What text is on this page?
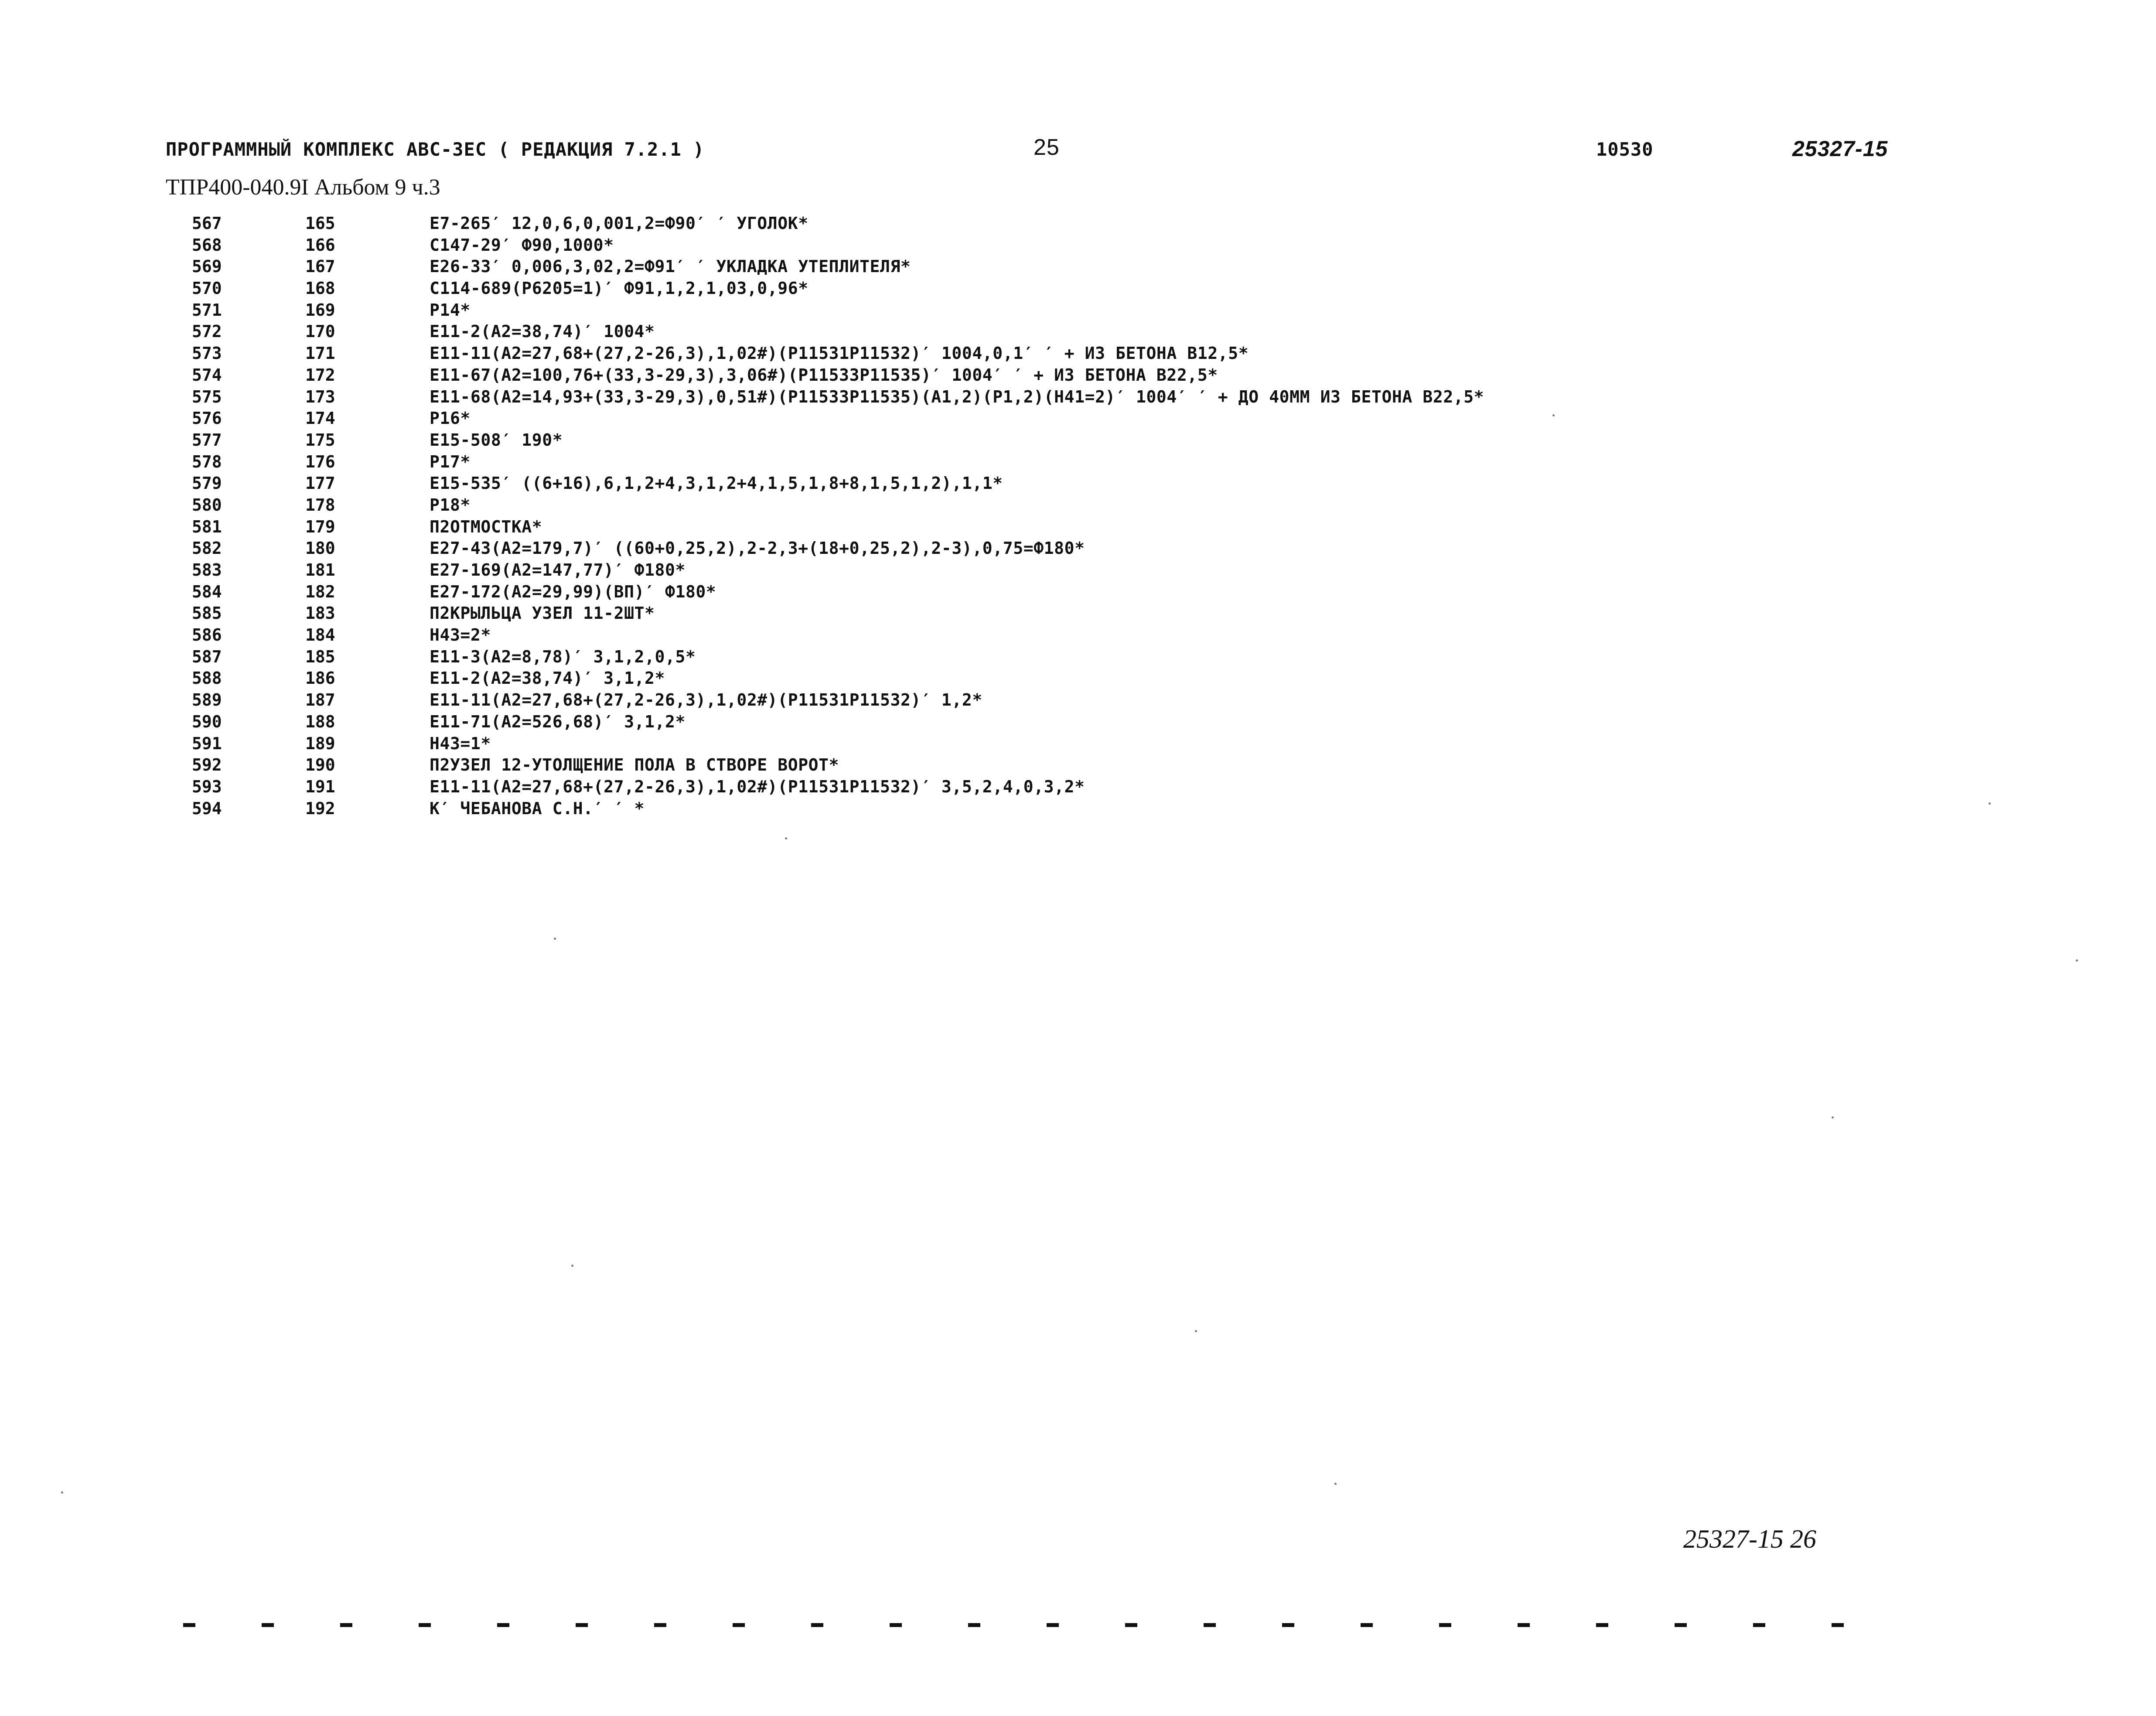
ПРОГРАММНЫЙ КОМПЛЕКС АВС-ЗЕС ( РЕДАКЦИЯ 7.2.1 )	25	10530	25327-15
ТПР400-040.9I Альбом 9 ч.3
567	165	Е7-265′ 12,0,6,0,001,2=Ф90′ ′ УГОЛОК*
568	166	С147-29′ Ф90,1000*
569	167	Е26-33′ 0,006,3,02,2=Ф91′ ′ УКЛАДКА УТЕПЛИТЕЛЯ*
570	168	С114-689(Р6205=1)′ Ф91,1,2,1,03,0,96*
571	169	Р14*
572	170	Е11-2(А2=38,74)′ 1004*
573	171	Е11-11(А2=27,68+(27,2-26,3),1,02#)(Р11531Р11532)′ 1004,0,1′ ′ + ИЗ БЕТОНА В12,5*
574	172	Е11-67(А2=100,76+(33,3-29,3),3,06#)(Р11533Р11535)′ 1004′ ′ + ИЗ БЕТОНА В22,5*
575	173	Е11-68(А2=14,93+(33,3-29,3),0,51#)(Р11533Р11535)(А1,2)(Р1,2)(Н41=2)′ 1004′ ′ + ДО 40ММ ИЗ БЕТОНА В22,5*
576	174	Р16*
577	175	Е15-508′ 190*
578	176	Р17*
579	177	Е15-535′ ((6+16),6,1,2+4,3,1,2+4,1,5,1,8+8,1,5,1,2),1,1*
580	178	Р18*
581	179	П2ОТМОСТКА*
582	180	Е27-43(А2=179,7)′ ((60+0,25,2),2-2,3+(18+0,25,2),2-3),0,75=Ф180*
583	181	Е27-169(А2=147,77)′ Ф180*
584	182	Е27-172(А2=29,99)(ВП)′ Ф180*
585	183	П2КРЫЛЬЦА УЗЕЛ 11-2ШТ*
586	184	Н43=2*
587	185	Е11-3(А2=8,78)′ 3,1,2,0,5*
588	186	Е11-2(А2=38,74)′ 3,1,2*
589	187	Е11-11(А2=27,68+(27,2-26,3),1,02#)(Р11531Р11532)′ 1,2*
590	188	Е11-71(А2=526,68)′ 3,1,2*
591	189	Н43=1*
592	190	П2УЗЕЛ 12-УТОЛЩЕНИЕ ПОЛА В СТВОРЕ ВОРОТ*
593	191	Е11-11(А2=27,68+(27,2-26,3),1,02#)(Р11531Р11532)′ 3,5,2,4,0,3,2*
594	192	К′ ЧЕБАНОВА С.Н.′ ′ *
25327-15 26
